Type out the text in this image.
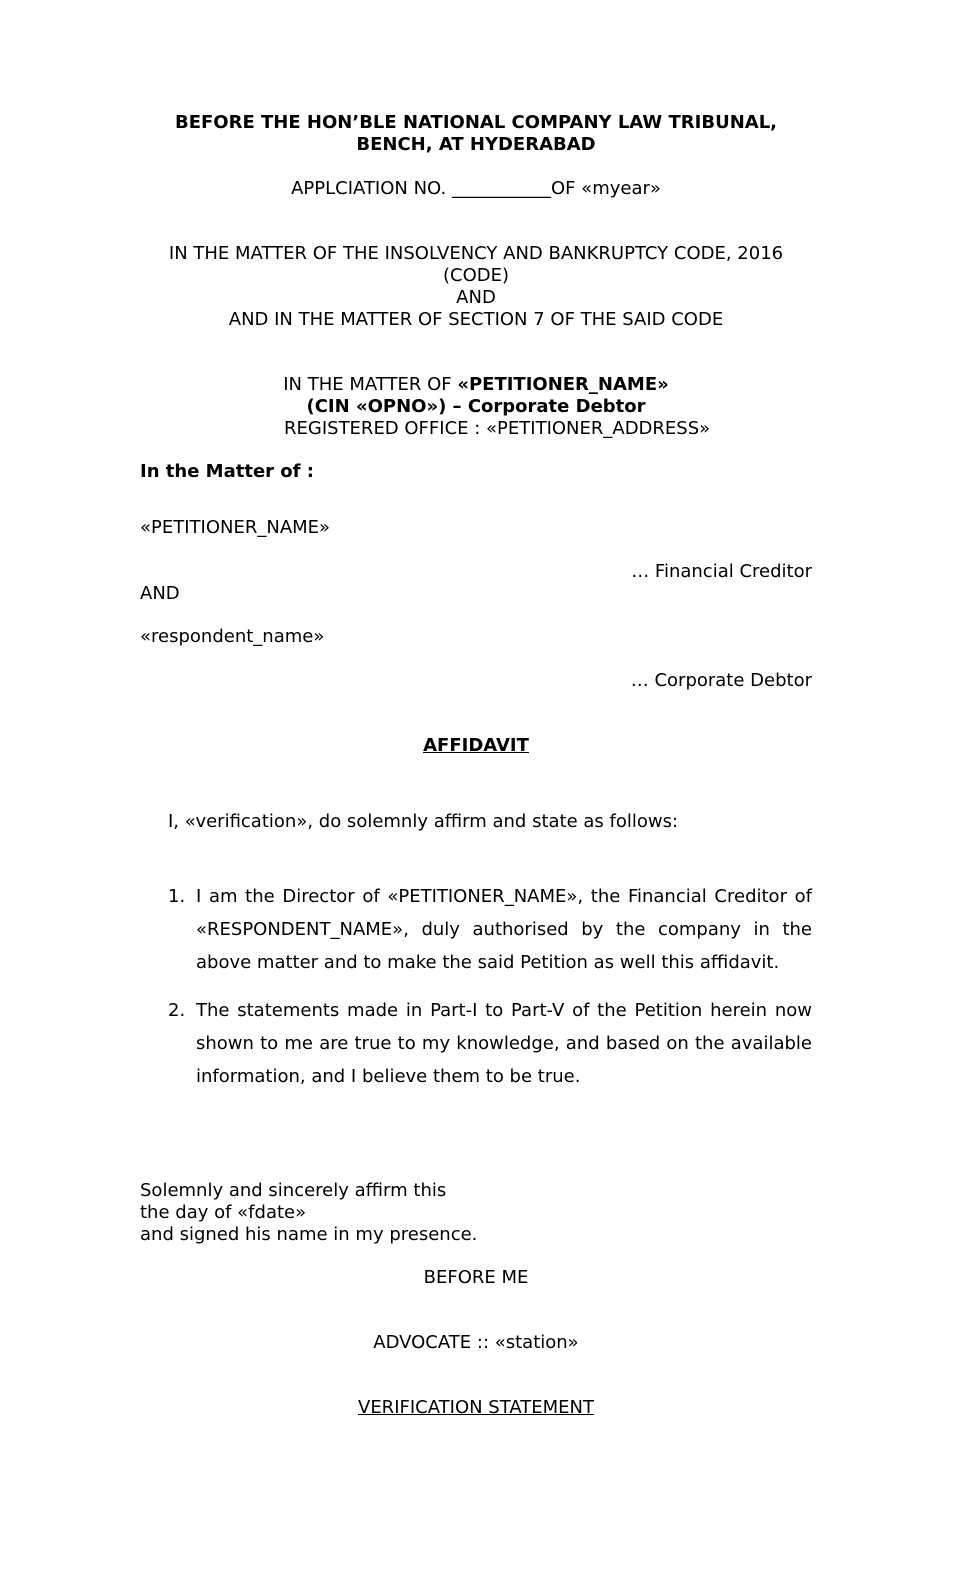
BEFORE THE HON’BLE NATIONAL COMPANY LAW TRIBUNAL,
BENCH, AT HYDERABAD
APPLCIATION NO. ___________OF «myear»
IN THE MATTER OF THE INSOLVENCY AND BANKRUPTCY CODE, 2016
(CODE)
AND
AND IN THE MATTER OF SECTION 7 OF THE SAID CODE
IN THE MATTER OF «PETITIONER_NAME»
(CIN «OPNO») – Corporate Debtor
REGISTERED OFFICE : «PETITIONER_ADDRESS»
In the Matter of :
«PETITIONER_NAME»
… Financial Creditor
AND
«respondent_name»
… Corporate Debtor
AFFIDAVIT
I, «verification», do solemnly affirm and state as follows:
1. I am the Director of «PETITIONER_NAME», the Financial Creditor of «RESPONDENT_NAME», duly authorised by the company in the above matter and to make the said Petition as well this affidavit.
2. The statements made in Part-I to Part-V of the Petition herein now shown to me are true to my knowledge, and based on the available information, and I believe them to be true.
Solemnly and sincerely affirm this
the day of «fdate»
and signed his name in my presence.
BEFORE ME
ADVOCATE :: «station»
VERIFICATION STATEMENT
